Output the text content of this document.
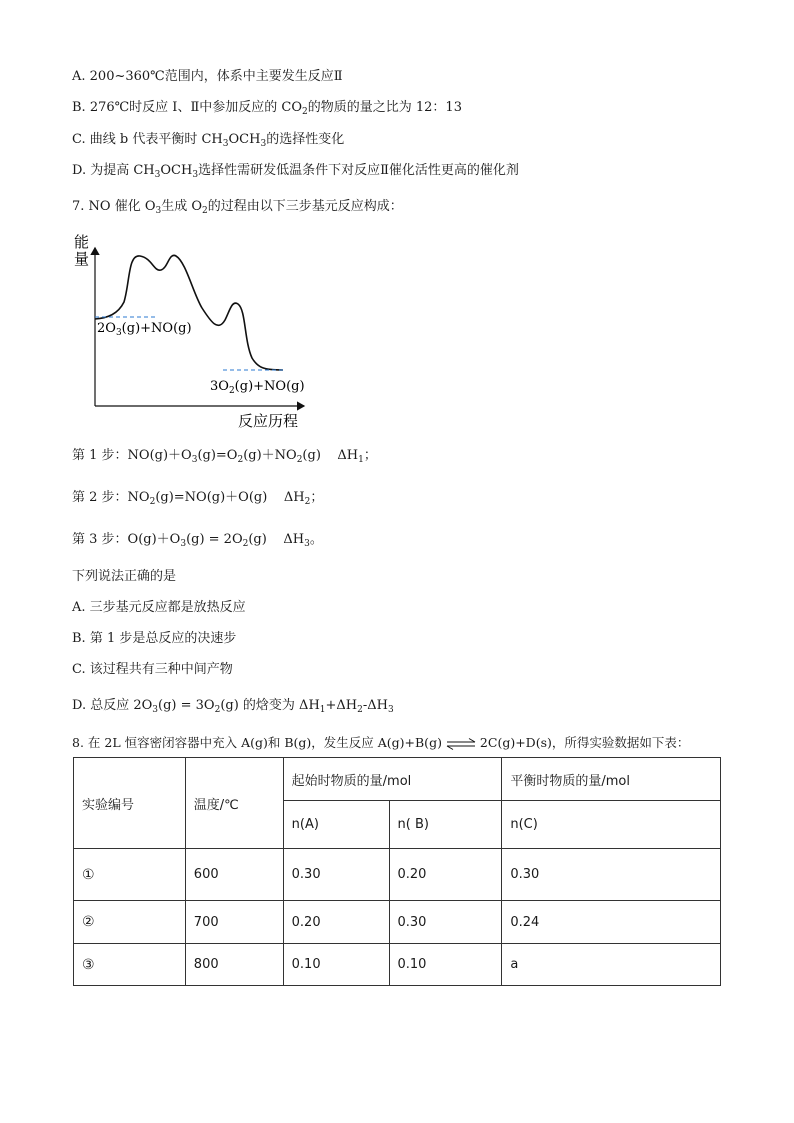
A. 200~360℃范围内，体系中主要发生反应Ⅱ
B. 276℃时反应 Ⅰ、Ⅱ中参加反应的 $CO_2$的物质的量之比为 12：13
C. 曲线 b 代表平衡时 $CH_3OCH_3$的选择性变化
D. 为提高 $CH_3OCH_3$选择性需研发低温条件下对反应Ⅱ催化活性更高的催化剂
7. NO 催化 $O_3$生成 $O_2$的过程由以下三步基元反应构成：
能
量
$2O_3(g)+NO(g)$
$3O_2(g)+NO(g)$
反应历程
第 1 步：$NO(g)+O_3(g)=O_2(g)+NO_2(g)$ $\Delta H_1$；
第 2 步：$NO_2(g)=NO(g)+O(g)$ $\Delta H_2$；
第 3 步：$O(g)+O_3(g) = 2O_2(g)$ $\Delta H_3$。
下列说法正确的是
A. 三步基元反应都是放热反应
B. 第 1 步是总反应的决速步
C. 该过程共有三种中间产物
D. 总反应 $2O_3(g) = 3O_2(g)$ 的焓变为 $\Delta H_1+\Delta H_2-\Delta H_3$
8. 在 2L 恒容密闭容器中充入 A(g)和 B(g)，发生反应 A(g)+B(g) ⇌ 2C(g)+D(s)，所得实验数据如下表：
实验编号	温度/℃	起始时物质的量/mol		平衡时物质的量/mol
		n(A)	n( B)	n(C)
①	600	0.30	0.20	0.30
②	700	0.20	0.30	0.24
③	800	0.10	0.10	a
